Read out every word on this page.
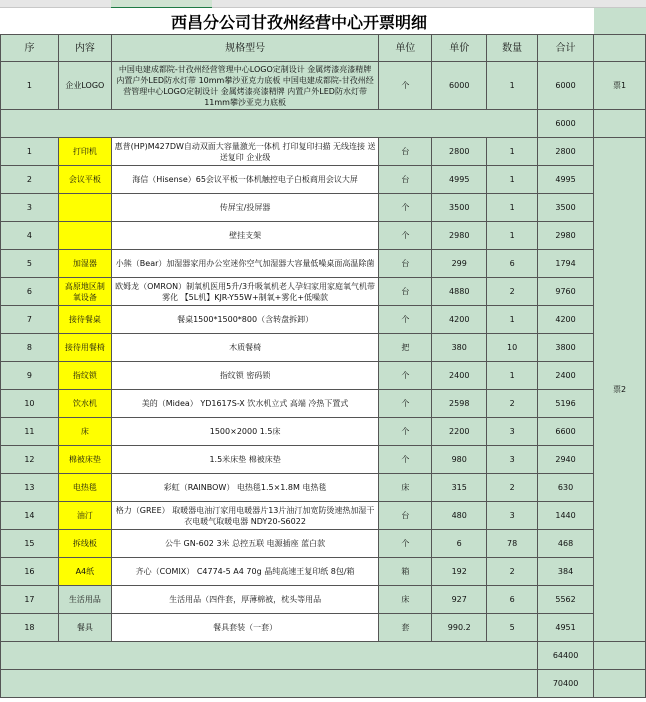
西昌分公司甘孜州经营中心开票明细
序	内容	规格型号	单位	单价	数量	合计	
1	企业LOGO	中国电建成都院-甘孜州经营管理中心LOGO定制设计 金属烤漆亮漆精牌 内置户外LED防水灯带 10mm攀沙亚克力底板 中国电建成都院-甘孜州经营管理中心LOGO定制设计 金属烤漆亮漆精牌 内置户外LED防水灯带 11mm攀沙亚克力底板	个	6000	1	6000	票1
						6000	
1	打印机	惠普(HP)M427DW自动双面大容量激光一体机 打印复印扫描 无线连接 送送复印 企业级	台	2800	1	2800	票2
2	会议平板	海信（Hisense）65会议平板一体机触控电子白板商用会议大屏	台	4995	1	4995	
3		传屏宝/投屏器	个	3500	1	3500	
4		壁挂支架	个	2980	1	2980	
5	加湿器	小熊（Bear）加湿器家用办公室迷你空气加湿器大容量低噪桌面高温除菌	台	299	6	1794	
6	高原地区制氧设备	欧姆龙（OMRON）制氧机医用5升/3升吸氧机老人孕妇家用家庭氧气机带雾化 【5L机】KJR-Y55W+制氧+雾化+低噪款	台	4880	2	9760	
7	接待餐桌	餐桌1500*1500*800（含转盘拆卸）	个	4200	1	4200	
8	接待用餐椅	木质餐椅	把	380	10	3800	
9	指纹锁	指纹锁 密码锁	个	2400	1	2400	
10	饮水机	美的（Midea） YD1617S-X 饮水机立式 高端 冷热下置式	个	2598	2	5196	
11	床	1500×2000 1.5床	个	2200	3	6600	
12	棉被床垫	1.5米床垫 棉被床垫	个	980	3	2940	
13	电热毯	彩虹（RAINBOW） 电热毯1.5×1.8M 电热毯	床	315	2	630	
14	油汀	格力（GREE） 取暖器电油汀家用电暖器片13片油汀加宽防烫速热加湿干衣电暖气取暖电器 NDY20-S6022	台	480	3	1440	
15	拆线板	公牛 GN-602 3米 总控五联 电源插座 蓝白款	个	6	78	468	
16	A4纸	齐心（COMIX） C4774-5 A4 70g 晶纯高速王复印纸 8包/箱	箱	192	2	384	
17	生活用品	生活用品（四件套，厚薄棉被，枕头等用品	床	927	6	5562	
18	餐具	餐具套装（一套）	套	990.2	5	4951	
						64400	
						70400	
